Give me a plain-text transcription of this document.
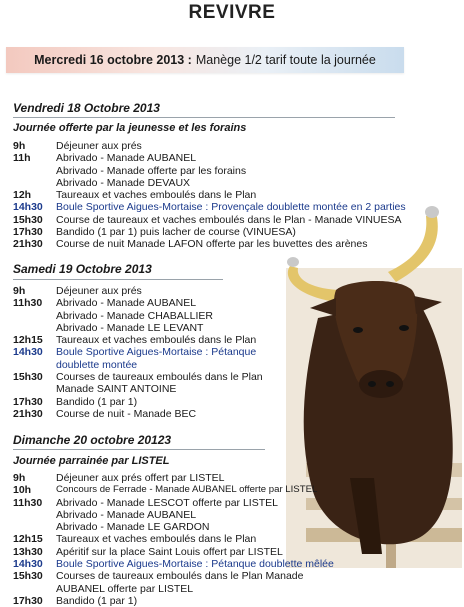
REVIVRE
Mercredi 16 octobre 2013 : Manège 1/2 tarif toute la journée
Vendredi 18 Octobre 2013
Journée offerte par la jeunesse et les forains
9h	Déjeuner aux prés
11h	Abrivado - Manade AUBANEL
Abrivado - Manade offerte par les forains
Abrivado - Manade DEVAUX
12h	Taureaux et vaches emboulés dans le Plan
14h30	Boule Sportive Aigues-Mortaise : Provençale doublette montée en 2 parties
15h30	Course de taureaux et vaches emboulés dans le Plan - Manade VINUESA
17h30	Bandido (1 par 1) puis lacher de course (VINUESA)
21h30	Course de nuit Manade LAFON offerte par les buvettes des arènes
Samedi 19 Octobre 2013
9h	Déjeuner aux prés
11h30	Abrivado - Manade AUBANEL
Abrivado - Manade CHABALLIER
Abrivado - Manade LE LEVANT
12h15	Taureaux et vaches emboulés dans le Plan
14h30	Boule Sportive Aigues-Mortaise : Pétanque doublette montée
15h30	Courses de taureaux emboulés dans le Plan
Manade SAINT ANTOINE
17h30	Bandido (1 par 1)
21h30	Course de nuit - Manade BEC
Dimanche 20 octobre 20123
Journée parrainée par LISTEL
9h	Déjeuner aux prés offert par LISTEL
10h	Concours de Ferrade - Manade AUBANEL offerte par LISTEL
11h30	Abrivado - Manade LESCOT offerte par LISTEL
Abrivado - Manade AUBANEL
Abrivado - Manade LE GARDON
12h15	Taureaux et vaches emboulés dans le Plan
13h30	Apéritif sur la place Saint Louis offert par LISTEL
14h30	Boule Sportive Aigues-Mortaise : Pétanque doublette mêlée
15h30	Courses de taureaux emboulés dans le Plan Manade AUBANEL offerte par LISTEL
17h30	Bandido (1 par 1)
